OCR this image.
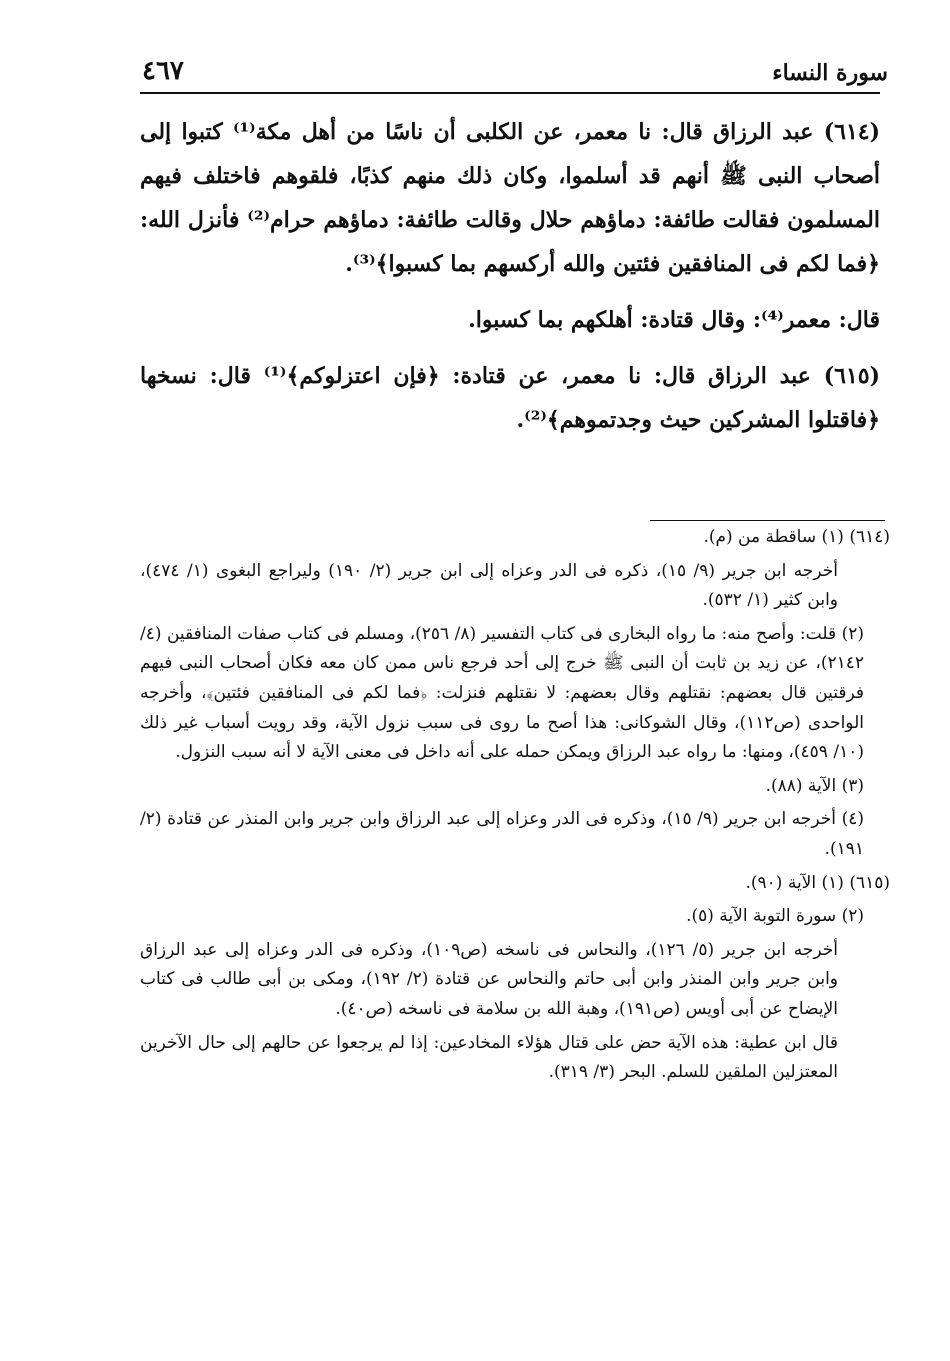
سورة النساء
٤٦٧

(٦١٤) عبد الرزاق قال: نا معمر، عن الكلبى أن ناسًا من أهل مكة⁽¹⁾ كتبوا إلى أصحاب النبى ﷺ أنهم قد أسلموا، وكان ذلك منهم كذبًا، فلقوهم فاختلف فيهم المسلمون فقالت طائفة: دماؤهم حلال وقالت طائفة: دماؤهم حرام⁽²⁾ فأنزل الله: ﴿فما لكم فى المنافقين فئتين والله أركسهم بما كسبوا﴾⁽³⁾.

قال: معمر⁽⁴⁾: وقال قتادة: أهلكهم بما كسبوا.

(٦١٥) عبد الرزاق قال: نا معمر، عن قتادة: ﴿فإن اعتزلوكم﴾⁽¹⁾ قال: نسخها ﴿فاقتلوا المشركين حيث وجدتموهم﴾⁽²⁾.

(٦١٤) (١) ساقطة من (م).

أخرجه ابن جرير (٩/ ١٥)، ذكره فى الدر وعزاه إلى ابن جرير (٢/ ١٩٠) وليراجع البغوى (١/ ٤٧٤)، وابن كثير (١/ ٥٣٢).

(٢) قلت: وأصح منه: ما رواه البخارى فى كتاب التفسير (٨/ ٢٥٦)، ومسلم فى كتاب صفات المنافقين (٤/ ٢١٤٢)، عن زيد بن ثابت أن النبى ﷺ خرج إلى أحد فرجع ناس ممن كان معه فكان أصحاب النبى فيهم فرقتين قال بعضهم: نقتلهم وقال بعضهم: لا نقتلهم فنزلت: ﴿فما لكم فى المنافقين فئتين﴾، وأخرجه الواحدى (ص١١٢)، وقال الشوكانى: هذا أصح ما روى فى سبب نزول الآية، وقد رويت أسباب غير ذلك (١٠/ ٤٥٩)، ومنها: ما رواه عبد الرزاق ويمكن حمله على أنه داخل فى معنى الآية لا أنه سبب النزول.

(٣) الآية (٨٨).

(٤) أخرجه ابن جرير (٩/ ١٥)، وذكره فى الدر وعزاه إلى عبد الرزاق وابن جرير وابن المنذر عن قتادة (٢/ ١٩١).

(٦١٥) (١) الآية (٩٠).

(٢) سورة التوبة الآية (٥).

أخرجه ابن جرير (٥/ ١٢٦)، والنحاس فى ناسخه (ص١٠٩)، وذكره فى الدر وعزاه إلى عبد الرزاق وابن جرير وابن المنذر وابن أبى حاتم والنحاس عن قتادة (٢/ ١٩٢)، ومكى بن أبى طالب فى كتاب الإيضاح عن أبى أويس (ص١٩١)، وهبة الله بن سلامة فى ناسخه (ص٤٠).

قال ابن عطية: هذه الآية حض على قتال هؤلاء المخادعين: إذا لم يرجعوا عن حالهم إلى حال الآخرين المعتزلين الملقين للسلم. البحر (٣/ ٣١٩).
